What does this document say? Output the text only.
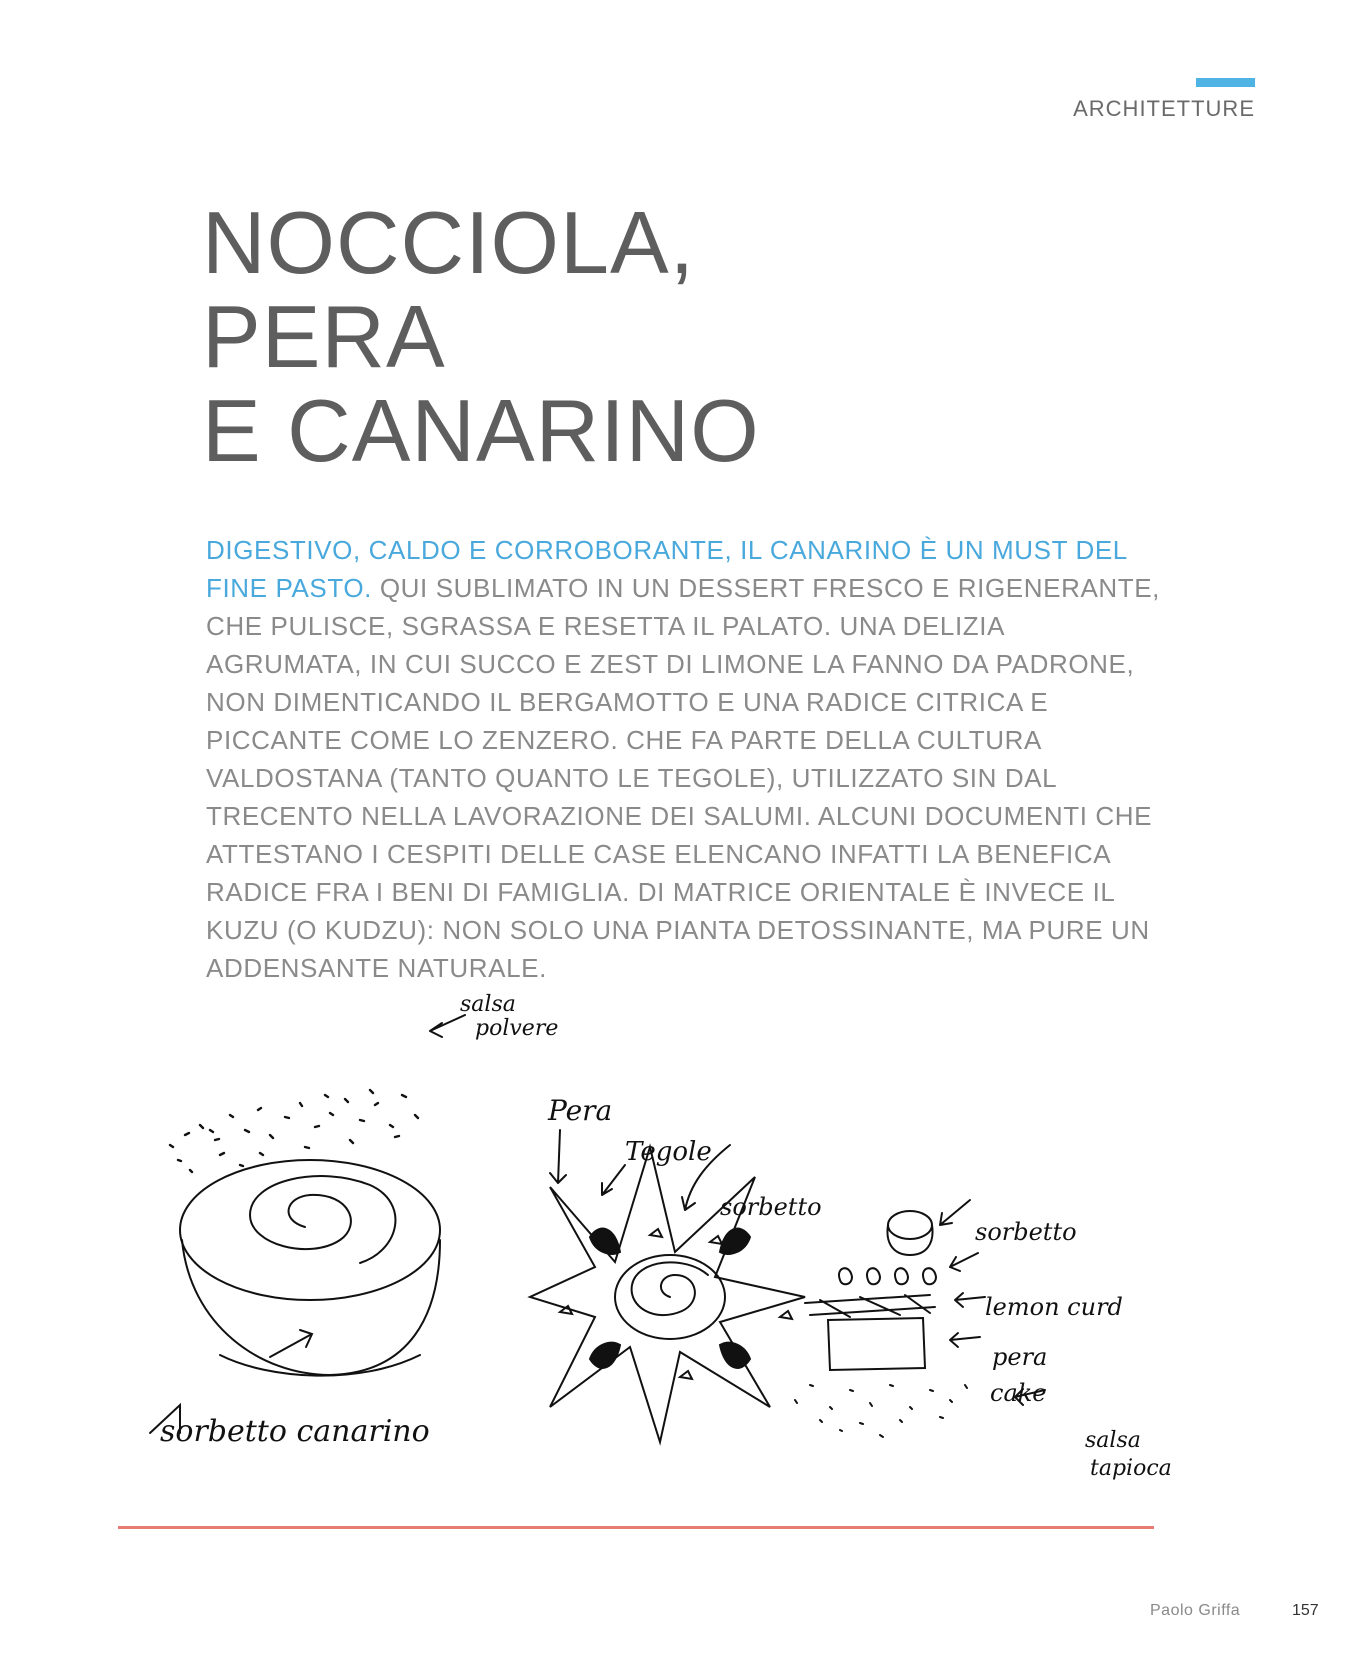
ARCHITETTURE
NOCCIOLA,
PERA
E CANARINO

DIGESTIVO, CALDO E CORROBORANTE, IL CANARINO È UN MUST DEL FINE PASTO. QUI SUBLIMATO IN UN DESSERT FRESCO E RIGENERANTE, CHE PULISCE, SGRASSA E RESETTA IL PALATO. UNA DELIZIA AGRUMATA, IN CUI SUCCO E ZEST DI LIMONE LA FANNO DA PADRONE, NON DIMENTICANDO IL BERGAMOTTO E UNA RADICE CITRICA E PICCANTE COME LO ZENZERO. CHE FA PARTE DELLA CULTURA VALDOSTANA (TANTO QUANTO LE TEGOLE), UTILIZZATO SIN DAL TRECENTO NELLA LAVORAZIONE DEI SALUMI. ALCUNI DOCUMENTI CHE ATTESTANO I CESPITI DELLE CASE ELENCANO INFATTI LA BENEFICA RADICE FRA I BENI DI FAMIGLIA. DI MATRICE ORIENTALE È INVECE IL KUZU (O KUDZU): NON SOLO UNA PIANTA DETOSSINANTE, MA PURE UN ADDENSANTE NATURALE.

salsa
polvere
sorbetto canarino
Pera
Tegole
sorbetto
sorbetto
lemon curd
pera
cake
salsa
tapioca
Paolo Griffa	157
